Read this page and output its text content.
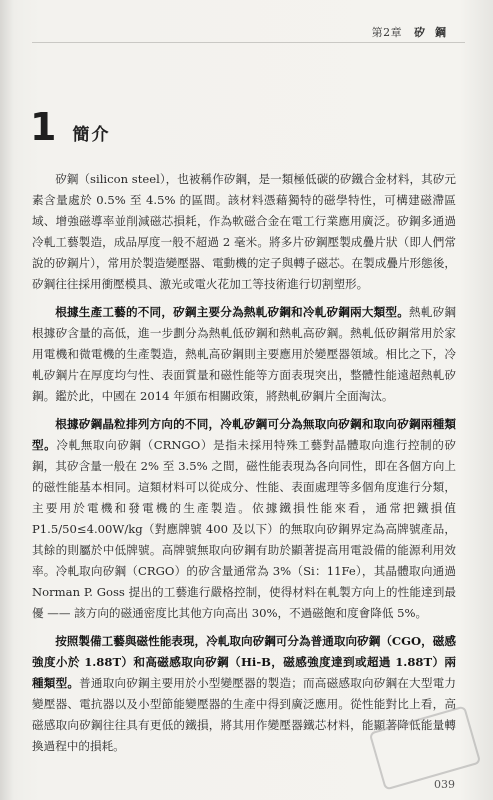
第2章 矽 鋼
1 簡介

矽鋼（silicon steel），也被稱作矽鋼，是一類極低碳的矽鐵合金材料，其矽元素含量處於 0.5% 至 4.5% 的區間。該材料憑藉獨特的磁學特性，可構建磁滯區域、增強磁導率並削減磁芯損耗，作為軟磁合金在電工行業應用廣泛。矽鋼多通過冷軋工藝製造，成品厚度一般不超過 2 毫米。將多片矽鋼壓製成疊片狀（即人們常說的矽鋼片），常用於製造變壓器、電動機的定子與轉子磁芯。在製成疊片形態後，矽鋼往往採用衝壓模具、激光或電火花加工等技術進行切割塑形。

根據生產工藝的不同，矽鋼主要分為熱軋矽鋼和冷軋矽鋼兩大類型。熱軋矽鋼根據矽含量的高低，進一步劃分為熱軋低矽鋼和熱軋高矽鋼。熱軋低矽鋼常用於家用電機和微電機的生產製造，熱軋高矽鋼則主要應用於變壓器領域。相比之下，冷軋矽鋼片在厚度均勻性、表面質量和磁性能等方面表現突出，整體性能遠超熱軋矽鋼。鑑於此，中國在 2014 年頒布相關政策，將熱軋矽鋼片全面淘汰。

根據矽鋼晶粒排列方向的不同，冷軋矽鋼可分為無取向矽鋼和取向矽鋼兩種類型。冷軋無取向矽鋼（CRNGO）是指未採用特殊工藝對晶體取向進行控制的矽鋼，其矽含量一般在 2% 至 3.5% 之間，磁性能表現為各向同性，即在各個方向上的磁性能基本相同。這類材料可以從成分、性能、表面處理等多個角度進行分類，主要用於電機和發電機的生產製造。依據鐵損性能來看，通常把鐵損值 P1.5/50≤4.00W/kg（對應牌號 400 及以下）的無取向矽鋼界定為高牌號產品，其餘的則屬於中低牌號。高牌號無取向矽鋼有助於顯著提高用電設備的能源利用效率。冷軋取向矽鋼（CRGO）的矽含量通常為 3%（Si：11Fe），其晶體取向通過 Norman P. Goss 提出的工藝進行嚴格控制，使得材料在軋製方向上的性能達到最優 —— 該方向的磁通密度比其他方向高出 30%，不過磁飽和度會降低 5%。

按照製備工藝與磁性能表現，冷軋取向矽鋼可分為普通取向矽鋼（CGO，磁感強度小於 1.88T）和高磁感取向矽鋼（Hi-B，磁感強度達到或超過 1.88T）兩種類型。普通取向矽鋼主要用於小型變壓器的製造；而高磁感取向矽鋼在大型電力變壓器、電抗器以及小型節能變壓器的生產中得到廣泛應用。從性能對比上看，高磁感取向矽鋼往往具有更低的鐵損，將其用作變壓器鐵芯材料，能顯著降低能量轉換過程中的損耗。

039
